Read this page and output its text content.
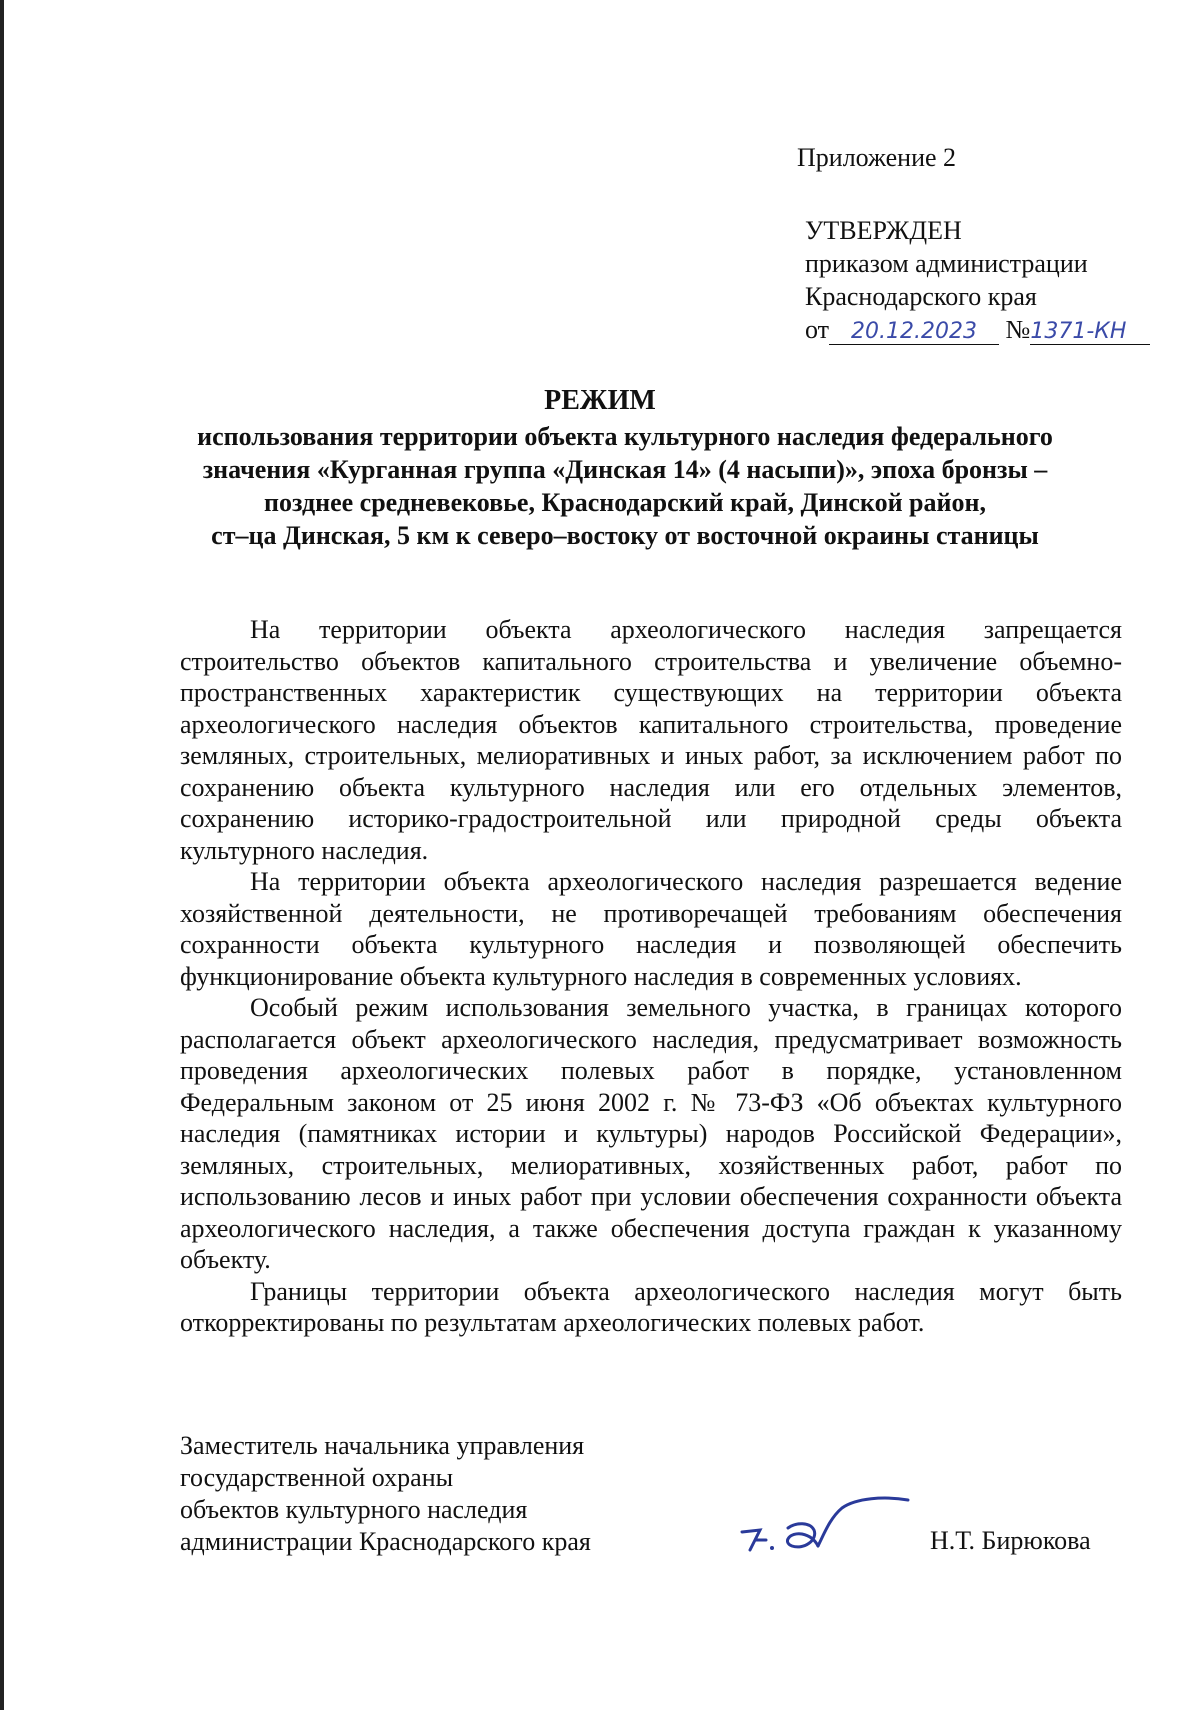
Приложение 2
УТВЕРЖДЕН
приказом администрации
Краснодарского края
от 20.12.2023 №1371-КН
РЕЖИМ
использования территории объекта культурного наследия федерального
значения «Курганная группа «Динская 14» (4 насыпи)», эпоха бронзы –
позднее средневековье, Краснодарский край, Динской район,
ст–ца Динская, 5 км к северо–востоку от восточной окраины станицы

На территории объекта археологического наследия запрещается строительство объектов капитального строительства и увеличение объемно-пространственных характеристик существующих на территории объекта археологического наследия объектов капитального строительства, проведение земляных, строительных, мелиоративных и иных работ, за исключением работ по сохранению объекта культурного наследия или его отдельных элементов, сохранению историко-градостроительной или природной среды объекта культурного наследия.

На территории объекта археологического наследия разрешается ведение хозяйственной деятельности, не противоречащей требованиям обеспечения сохранности объекта культурного наследия и позволяющей обеспечить функционирование объекта культурного наследия в современных условиях.

Особый режим использования земельного участка, в границах которого располагается объект археологического наследия, предусматривает возможность проведения археологических полевых работ в порядке, установленном Федеральным законом от 25 июня 2002 г. № 73-ФЗ «Об объектах культурного наследия (памятниках истории и культуры) народов Российской Федерации», земляных, строительных, мелиоративных, хозяйственных работ, работ по использованию лесов и иных работ при условии обеспечения сохранности объекта археологического наследия, а также обеспечения доступа граждан к указанному объекту.

Границы территории объекта археологического наследия могут быть откорректированы по результатам археологических полевых работ.

Заместитель начальника управления
государственной охраны
объектов культурного наследия
администрации Краснодарского края	Н.Т. Бирюкова
